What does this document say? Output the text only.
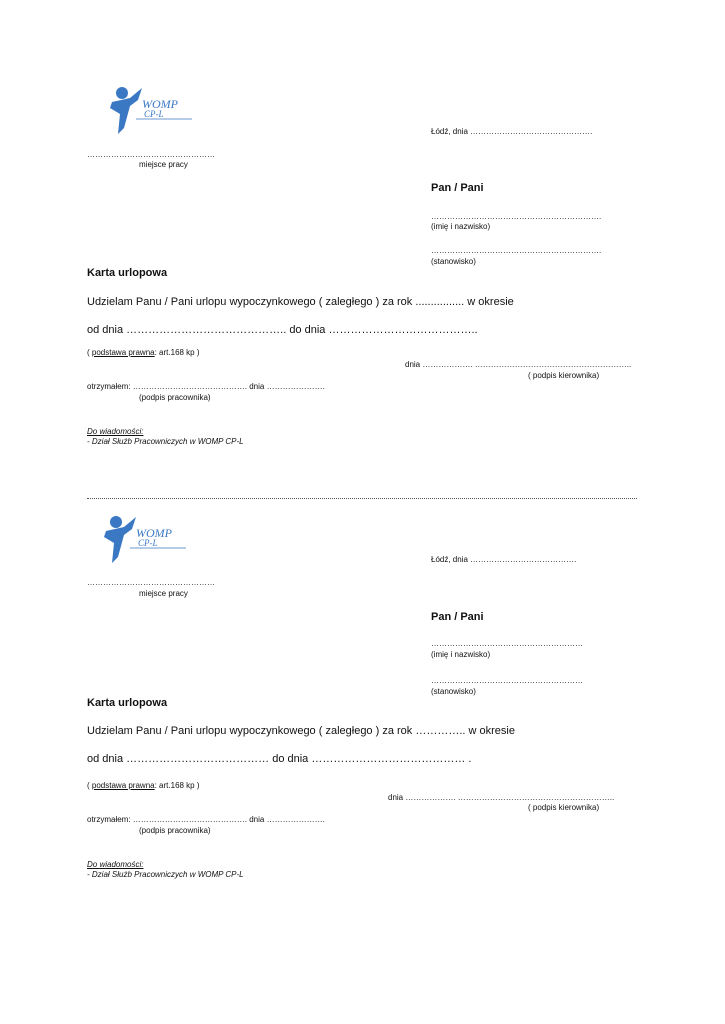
WOMP
CP-L
Łódź, dnia ……………………………………….
…………………………………………
miejsce pracy
Pan / Pani
……………………………………………………….
(imię i nazwisko)
……………………………………………………….
(stanowisko)
Karta urlopowa
Udzielam Panu / Pani urlopu wypoczynkowego ( zaległego ) za rok ................ w okresie
od dnia …………………………………….. do dnia …………………………………..
( podstawa prawna: art.168 kp )
dnia ………………. …………………………………………………..
( podpis kierownika)
otrzymałem: ……………………………………. dnia ………………….
(podpis pracownika)
Do wiadomości:
- Dział Służb Pracowniczych w WOMP CP-L
WOMP
CP-L
Łódź, dnia ………………………………….
…………………………………………
miejsce pracy
Pan / Pani
…………………………………………………
(imię i nazwisko)
…………………………………………………
(stanowisko)
Karta urlopowa
Udzielam Panu / Pani urlopu wypoczynkowego ( zaległego ) za rok ………….. w okresie
od dnia ………………………………… do dnia …………………………………… .
( podstawa prawna: art.168 kp )
dnia ………………. …………………………………………………..
( podpis kierownika)
otrzymałem: ……………………………………. dnia ………………….
(podpis pracownika)
Do wiadomości:
- Dział Służb Pracowniczych w WOMP CP-L
